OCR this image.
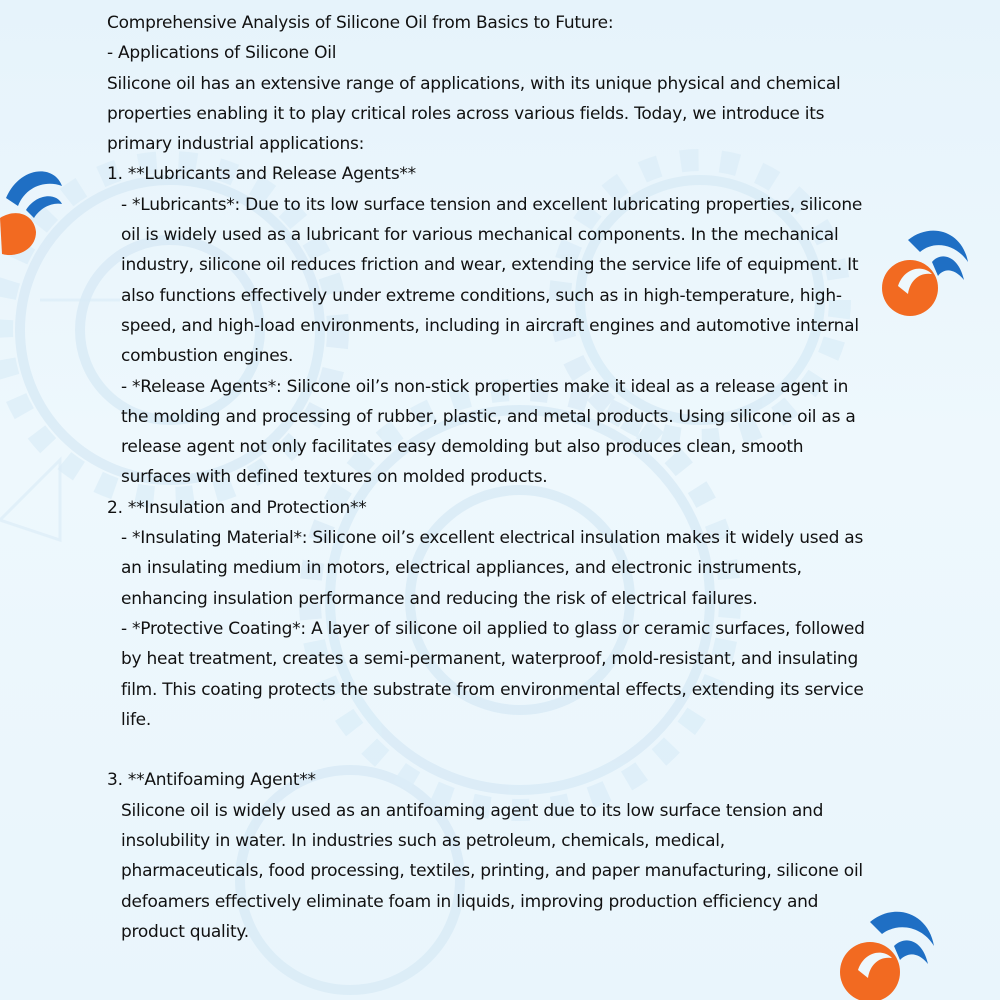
Comprehensive Analysis of Silicone Oil from Basics to Future:

- Applications of Silicone Oil

Silicone oil has an extensive range of applications, with its unique physical and chemical properties enabling it to play critical roles across various fields. Today, we introduce its primary industrial applications:

1. **Lubricants and Release Agents**

- *Lubricants*: Due to its low surface tension and excellent lubricating properties, silicone oil is widely used as a lubricant for various mechanical components. In the mechanical industry, silicone oil reduces friction and wear, extending the service life of equipment. It also functions effectively under extreme conditions, such as in high-temperature, high-speed, and high-load environments, including in aircraft engines and automotive internal combustion engines.

- *Release Agents*: Silicone oil’s non-stick properties make it ideal as a release agent in the molding and processing of rubber, plastic, and metal products. Using silicone oil as a release agent not only facilitates easy demolding but also produces clean, smooth surfaces with defined textures on molded products.

2. **Insulation and Protection**

- *Insulating Material*: Silicone oil’s excellent electrical insulation makes it widely used as an insulating medium in motors, electrical appliances, and electronic instruments, enhancing insulation performance and reducing the risk of electrical failures.

- *Protective Coating*: A layer of silicone oil applied to glass or ceramic surfaces, followed by heat treatment, creates a semi-permanent, waterproof, mold-resistant, and insulating film. This coating protects the substrate from environmental effects, extending its service life.

3. **Antifoaming Agent**

Silicone oil is widely used as an antifoaming agent due to its low surface tension and insolubility in water. In industries such as petroleum, chemicals, medical, pharmaceuticals, food processing, textiles, printing, and paper manufacturing, silicone oil defoamers effectively eliminate foam in liquids, improving production efficiency and product quality.
